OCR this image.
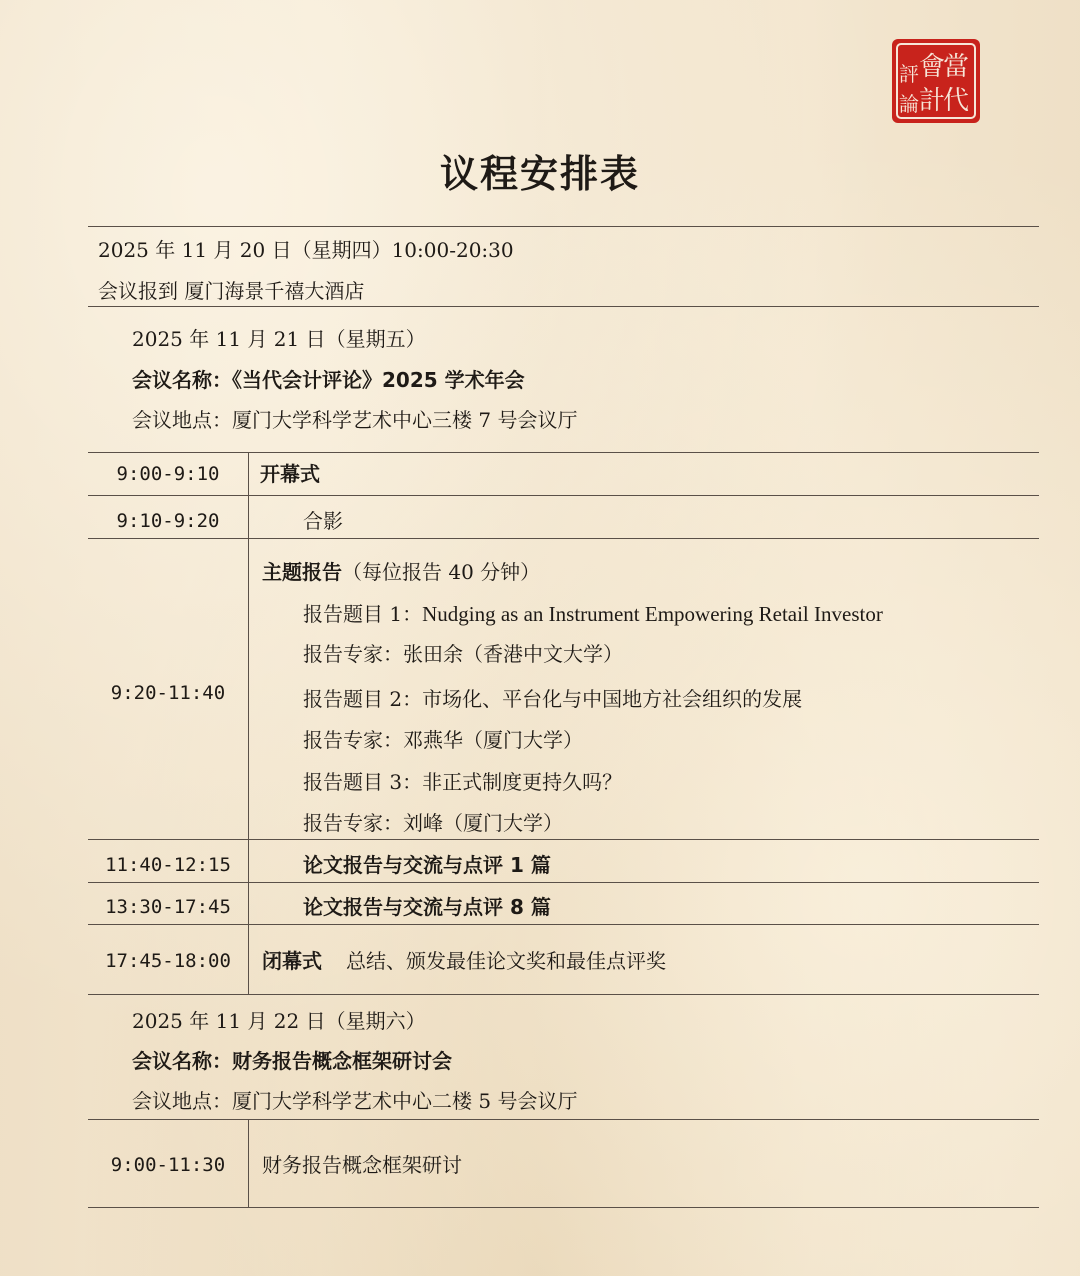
當
代
會
計
評
論
议程安排表
2025 年 11 月 20 日（星期四）10:00-20:30
会议报到 厦门海景千禧大酒店
2025 年 11 月 21 日（星期五）
会议名称：《当代会计评论》2025 学术年会
会议地点：厦门大学科学艺术中心三楼 7 号会议厅
9:00-9:10	开幕式
9:10-9:20	合影
9:20-11:40
主题报告（每位报告 40 分钟）
报告题目 1：Nudging as an Instrument Empowering Retail Investor
报告专家：张田余（香港中文大学）
报告题目 2：市场化、平台化与中国地方社会组织的发展
报告专家：邓燕华（厦门大学）
报告题目 3：非正式制度更持久吗？
报告专家：刘峰（厦门大学）
11:40-12:15	论文报告与交流与点评 1 篇
13:30-17:45	论文报告与交流与点评 8 篇
17:45-18:00	闭幕式 总结、颁发最佳论文奖和最佳点评奖
2025 年 11 月 22 日（星期六）
会议名称：财务报告概念框架研讨会
会议地点：厦门大学科学艺术中心二楼 5 号会议厅
9:00-11:30	财务报告概念框架研讨
